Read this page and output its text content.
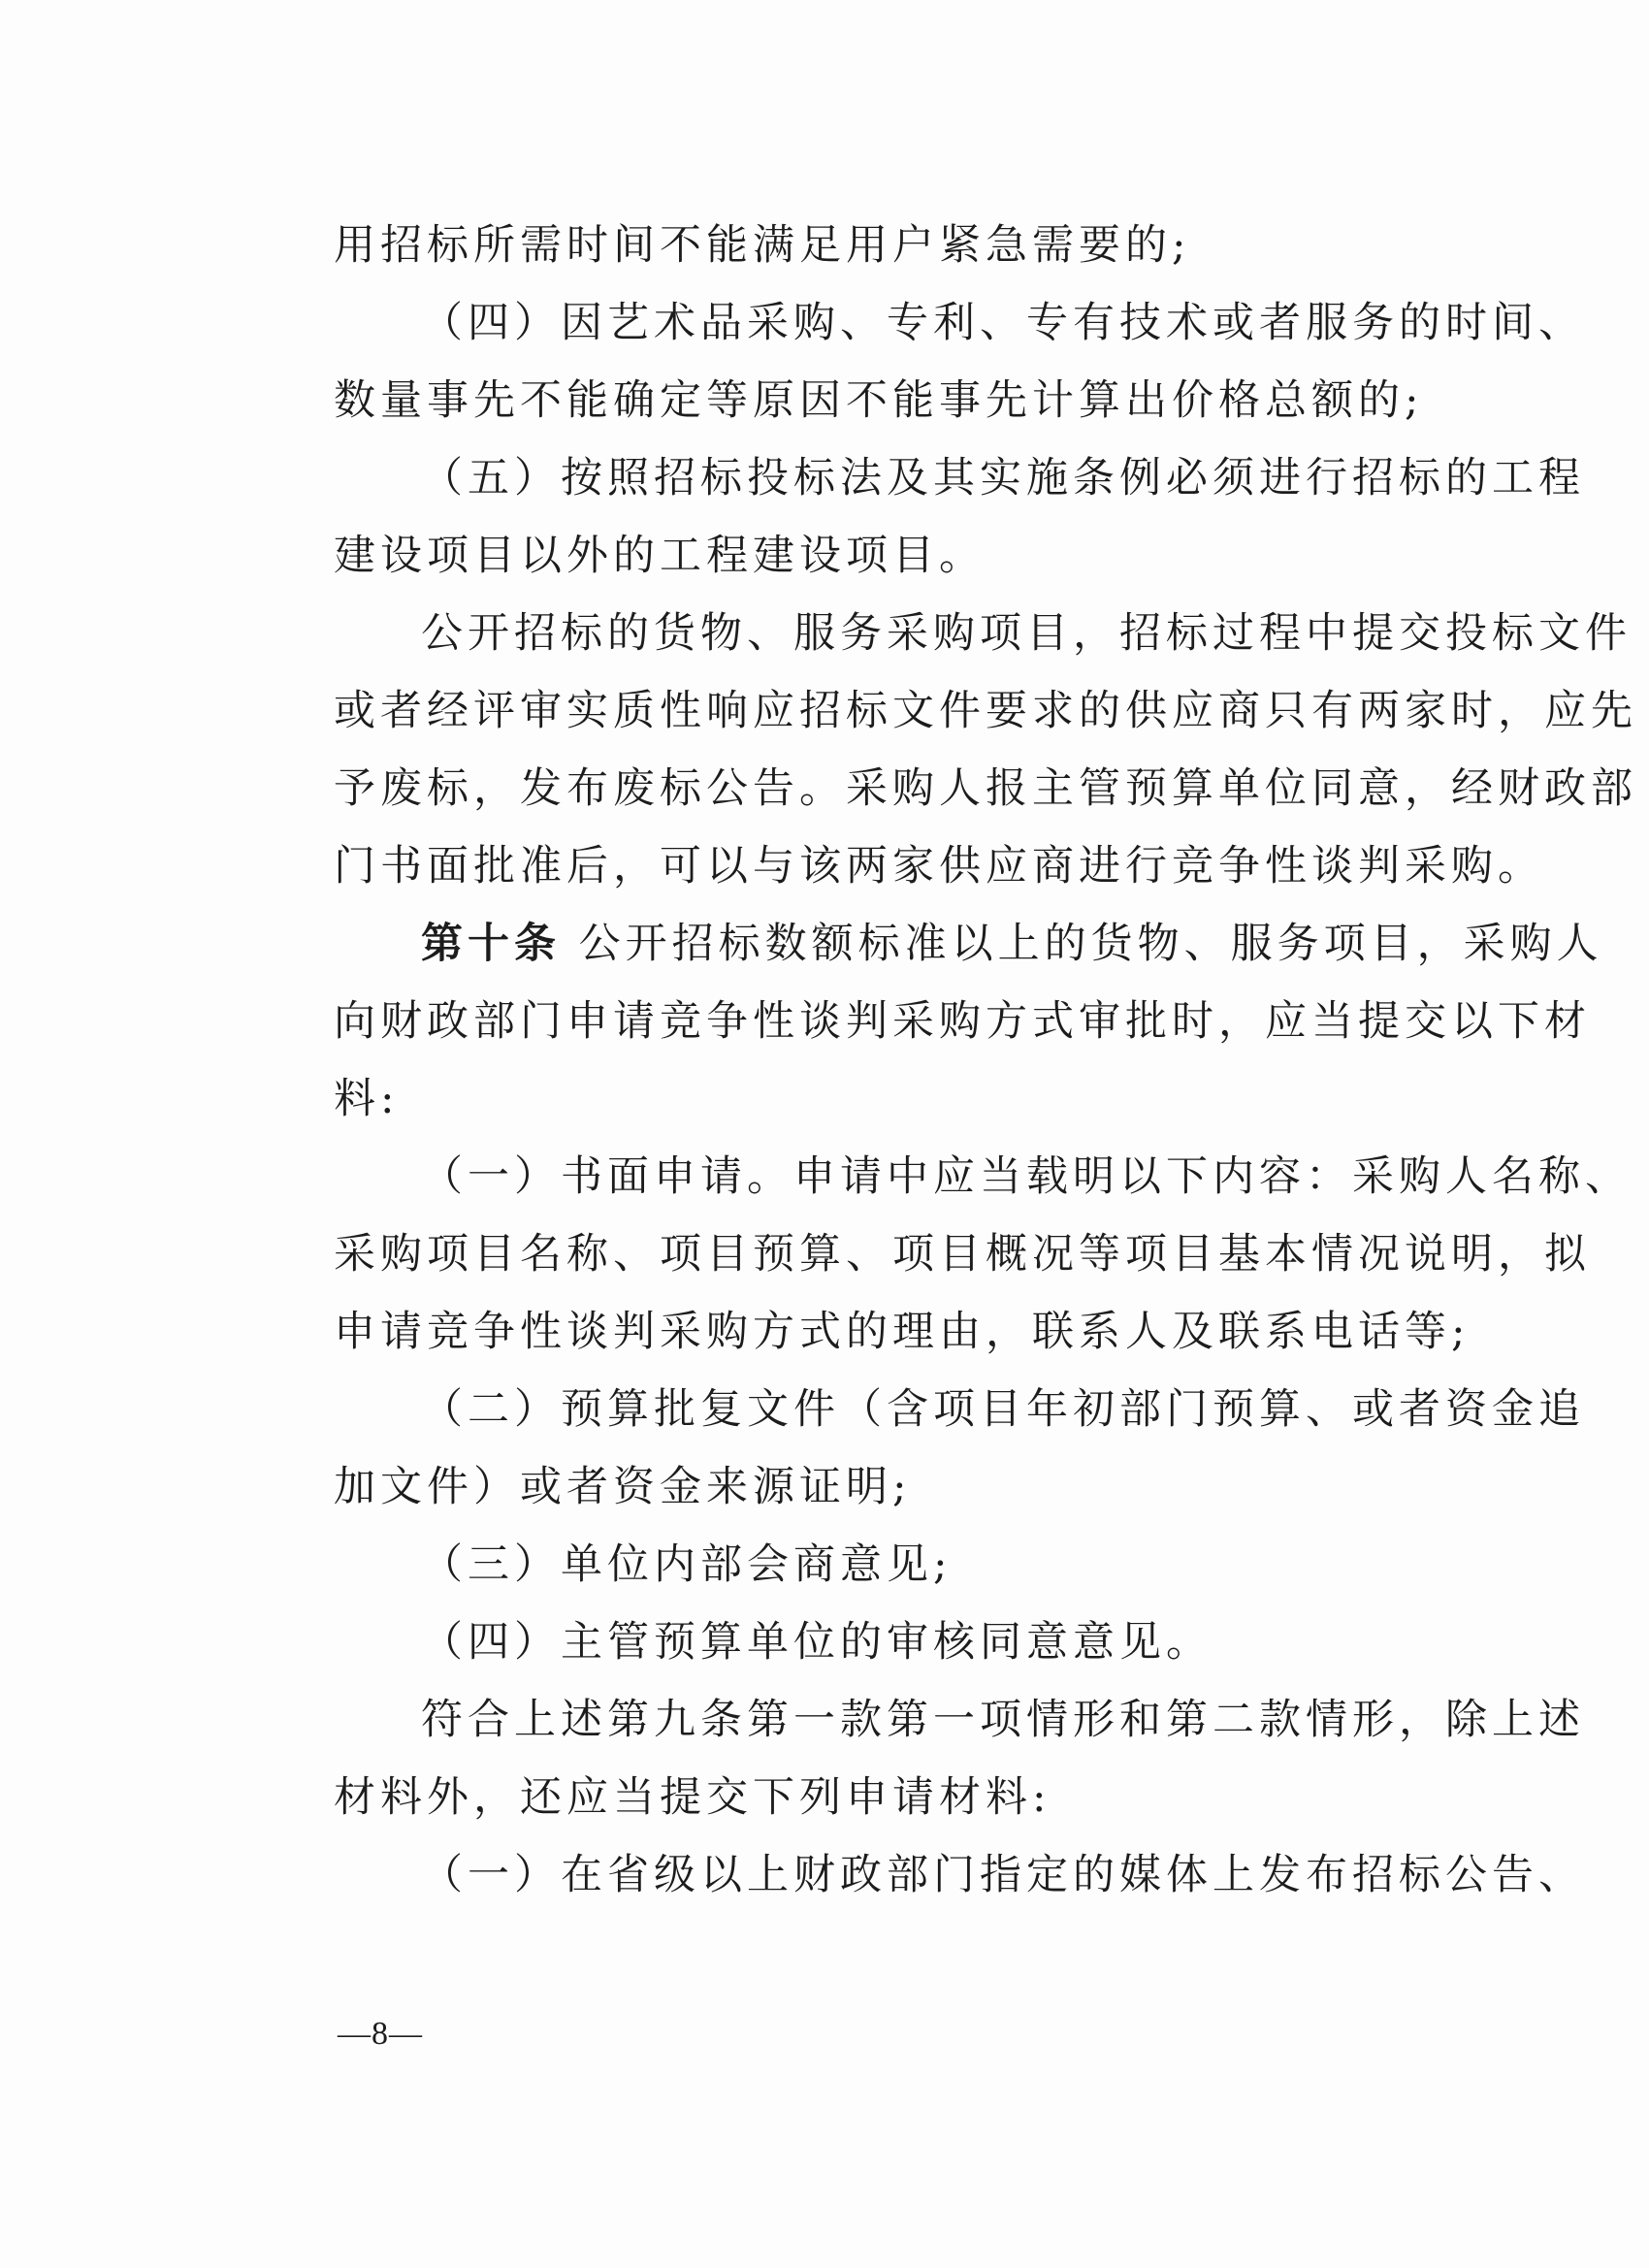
用招标所需时间不能满足用户紧急需要的;
（四）因艺术品采购、专利、专有技术或者服务的时间、
数量事先不能确定等原因不能事先计算出价格总额的;
（五）按照招标投标法及其实施条例必须进行招标的工程
建设项目以外的工程建设项目。
公开招标的货物、服务采购项目，招标过程中提交投标文件
或者经评审实质性响应招标文件要求的供应商只有两家时，应先
予废标，发布废标公告。采购人报主管预算单位同意，经财政部
门书面批准后，可以与该两家供应商进行竞争性谈判采购。
第十条 公开招标数额标准以上的货物、服务项目，采购人
向财政部门申请竞争性谈判采购方式审批时，应当提交以下材
料:
（一）书面申请。申请中应当载明以下内容：采购人名称、
采购项目名称、项目预算、项目概况等项目基本情况说明，拟
申请竞争性谈判采购方式的理由，联系人及联系电话等;
（二）预算批复文件（含项目年初部门预算、或者资金追
加文件）或者资金来源证明;
（三）单位内部会商意见;
（四）主管预算单位的审核同意意见。
符合上述第九条第一款第一项情形和第二款情形，除上述
材料外，还应当提交下列申请材料:
（一）在省级以上财政部门指定的媒体上发布招标公告、
—8—
